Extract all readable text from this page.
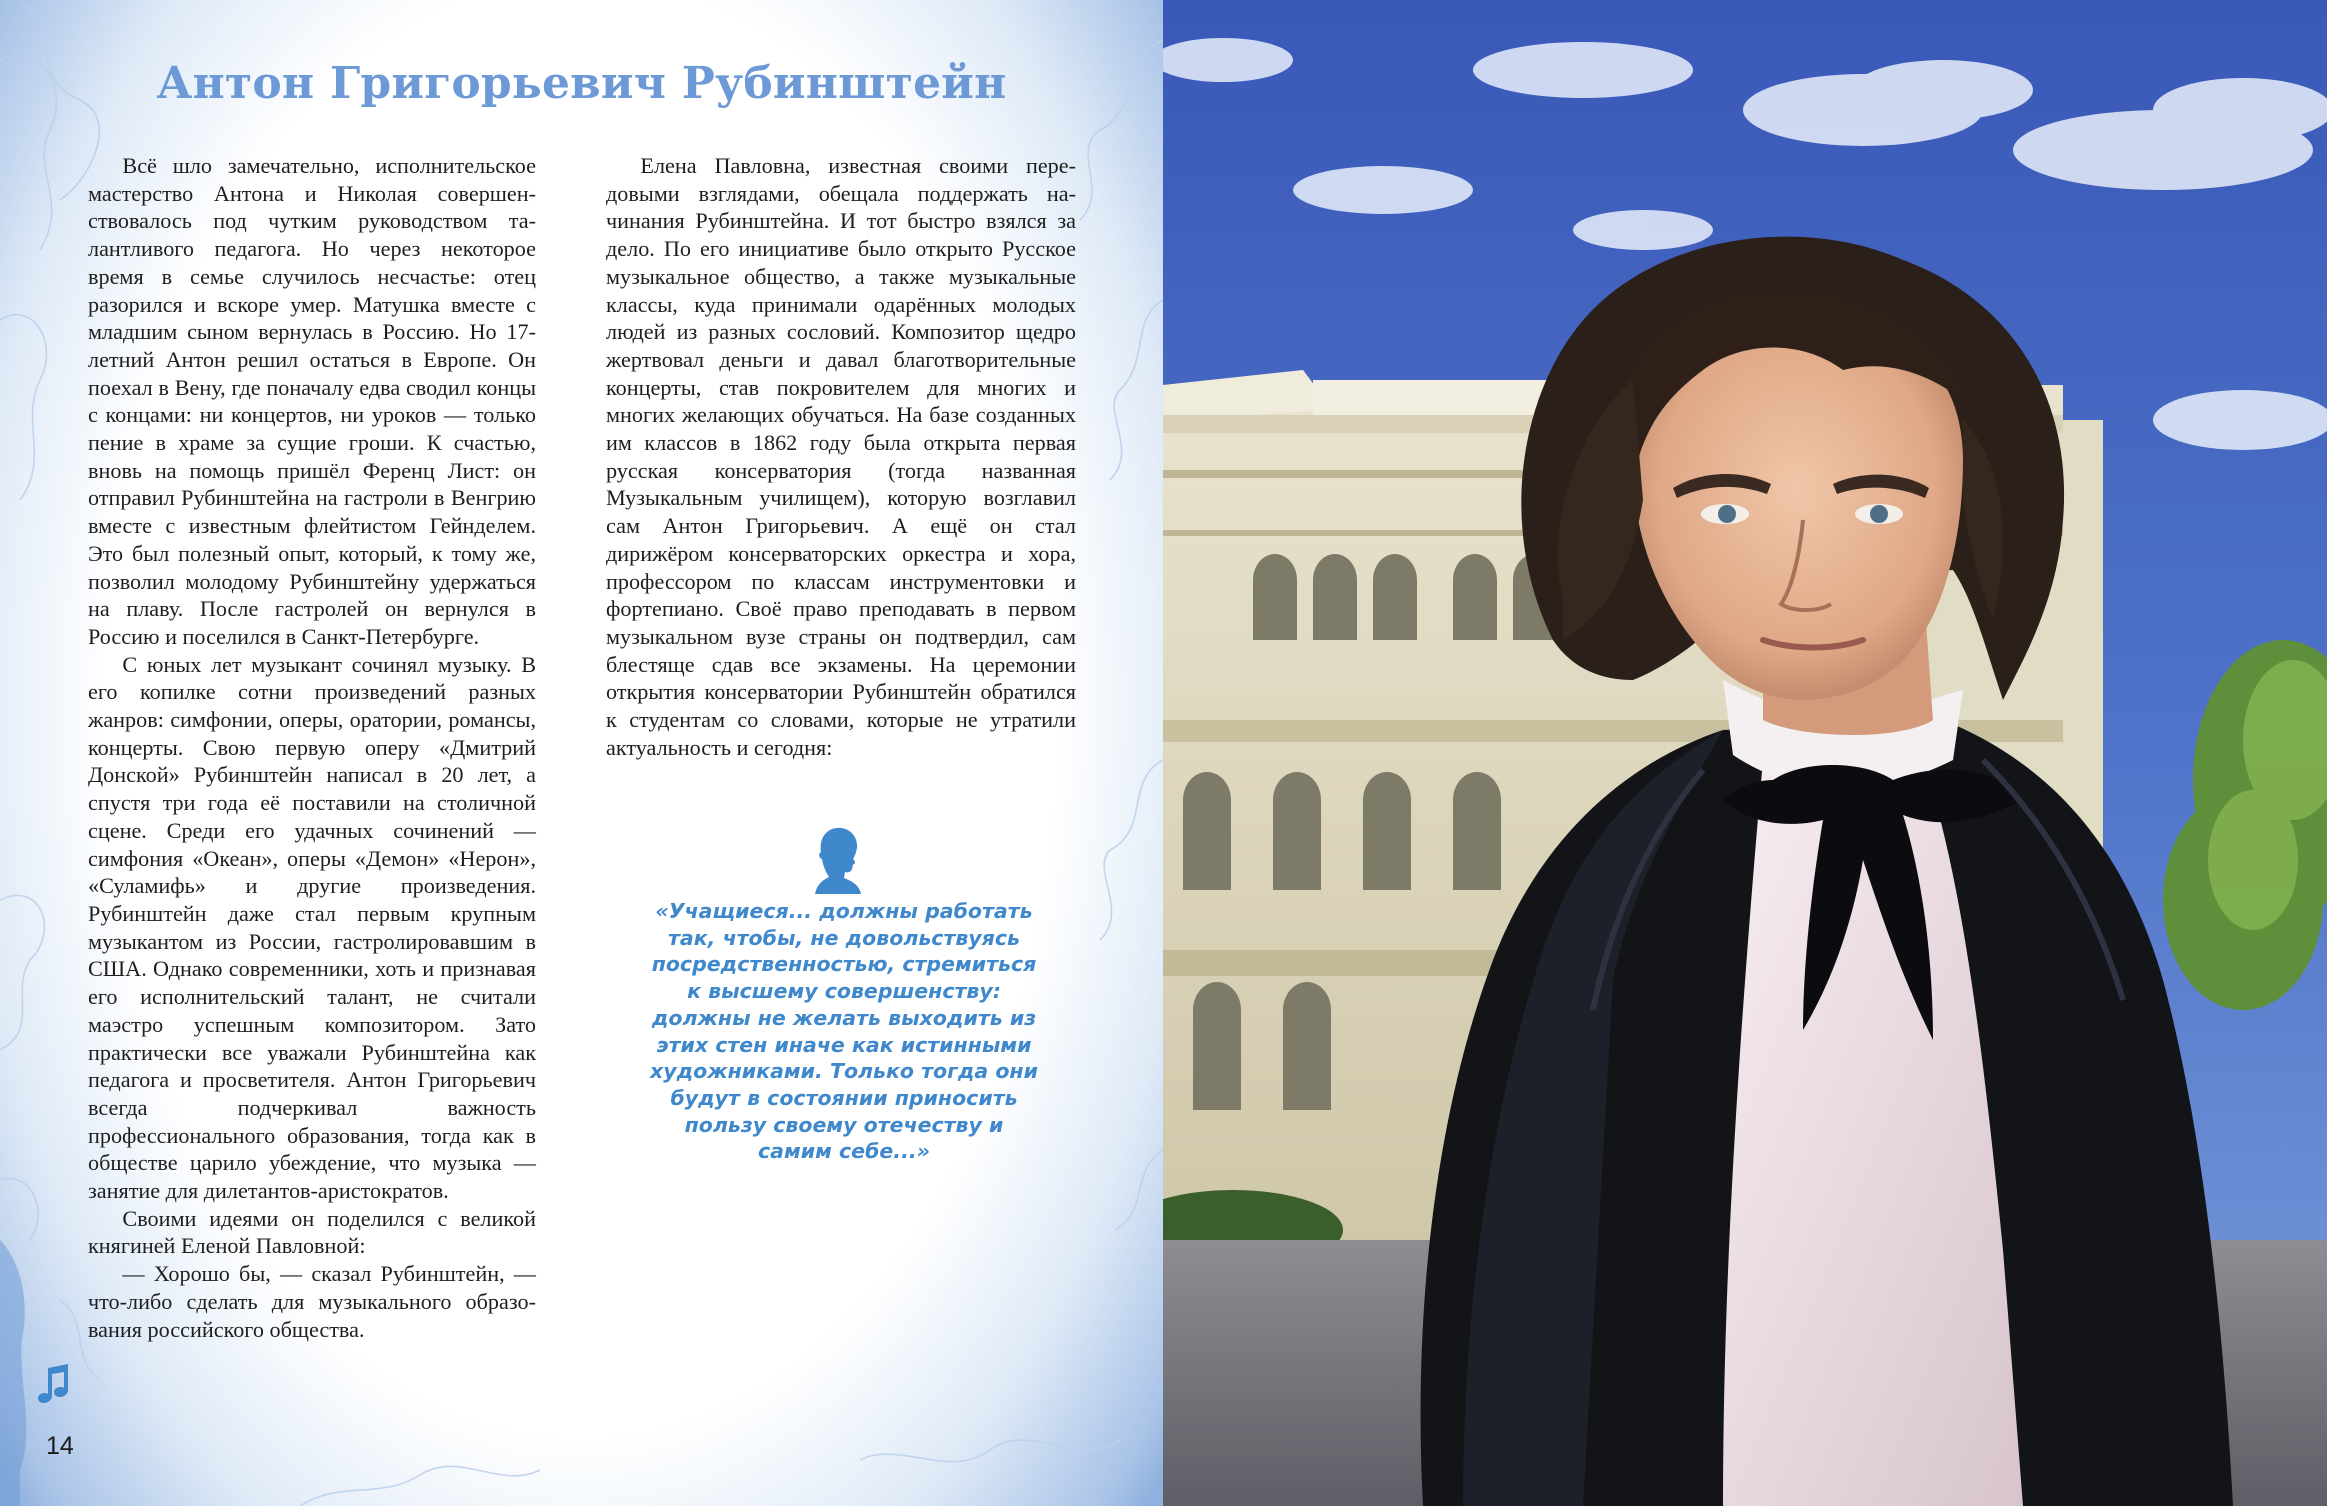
Антон Григорьевич Рубинштейн

Всё шло замечательно, исполнительское мастерство Антона и Николая совершенствовалось под чутким руководством талантливого педагога. Но через некоторое время в семье случилось несчастье: отец разорился и вскоре умер. Матушка вместе с младшим сыном вернулась в Россию. Но 17-летний Антон решил остаться в Европе. Он поехал в Вену, где поначалу едва сводил концы с концами: ни концертов, ни уроков — только пение в храме за сущие гроши. К счастью, вновь на помощь пришёл Ференц Лист: он отправил Рубинштейна на гастроли в Венгрию вместе с известным флейтистом Гейнделем. Это был полезный опыт, который, к тому же, позволил молодому Рубинштейну удержаться на плаву. После гастролей он вернулся в Россию и поселился в Санкт-Петербурге.

С юных лет музыкант сочинял музыку. В его копилке сотни произведений разных жанров: симфонии, оперы, оратории, романсы, концерты. Свою первую оперу «Дмитрий Донской» Рубинштейн написал в 20 лет, а спустя три года её поставили на столичной сцене. Среди его удачных сочинений — симфония «Океан», оперы «Демон» «Нерон», «Суламифь» и другие произведения. Рубинштейн даже стал первым крупным музыкантом из России, гастролировавшим в США. Однако современники, хоть и признавая его исполнительский талант, не считали маэстро успешным композитором. Зато практически все уважали Рубинштейна как педагога и просветителя. Антон Григорьевич всегда подчеркивал важность профессионального образования, тогда как в обществе царило убеждение, что музыка — занятие для дилетантов-аристократов.

Своими идеями он поделился с великой княгиней Еленой Павловной:

— Хорошо бы, — сказал Рубинштейн, — что-либо сделать для музыкального образования российского общества.

Елена Павловна, известная своими передовыми взглядами, обещала поддержать начинания Рубинштейна. И тот быстро взялся за дело. По его инициативе было открыто Русское музыкальное общество, а также музыкальные классы, куда принимали одарённых молодых людей из разных сословий. Композитор щедро жертвовал деньги и давал благотворительные концерты, став покровителем для многих и многих желающих обучаться. На базе созданных им классов в 1862 году была открыта первая русская консерватория (тогда названная Музыкальным училищем), которую возглавил сам Антон Григорьевич. А ещё он стал дирижёром консерваторских оркестра и хора, профессором по классам инструментовки и фортепиано. Своё право преподавать в первом музыкальном вузе страны он подтвердил, сам блестяще сдав все экзамены. На церемонии открытия консерватории Рубинштейн обратился к студентам со словами, которые не утратили актуальность и сегодня:

«Учащиеся... должны работать так, чтобы, не довольствуясь посредственностью, стремиться к высшему совершенству: должны не желать выходить из этих стен иначе как истинными художниками. Только тогда они будут в состоянии приносить пользу своему отечеству и самим себе...»
14
